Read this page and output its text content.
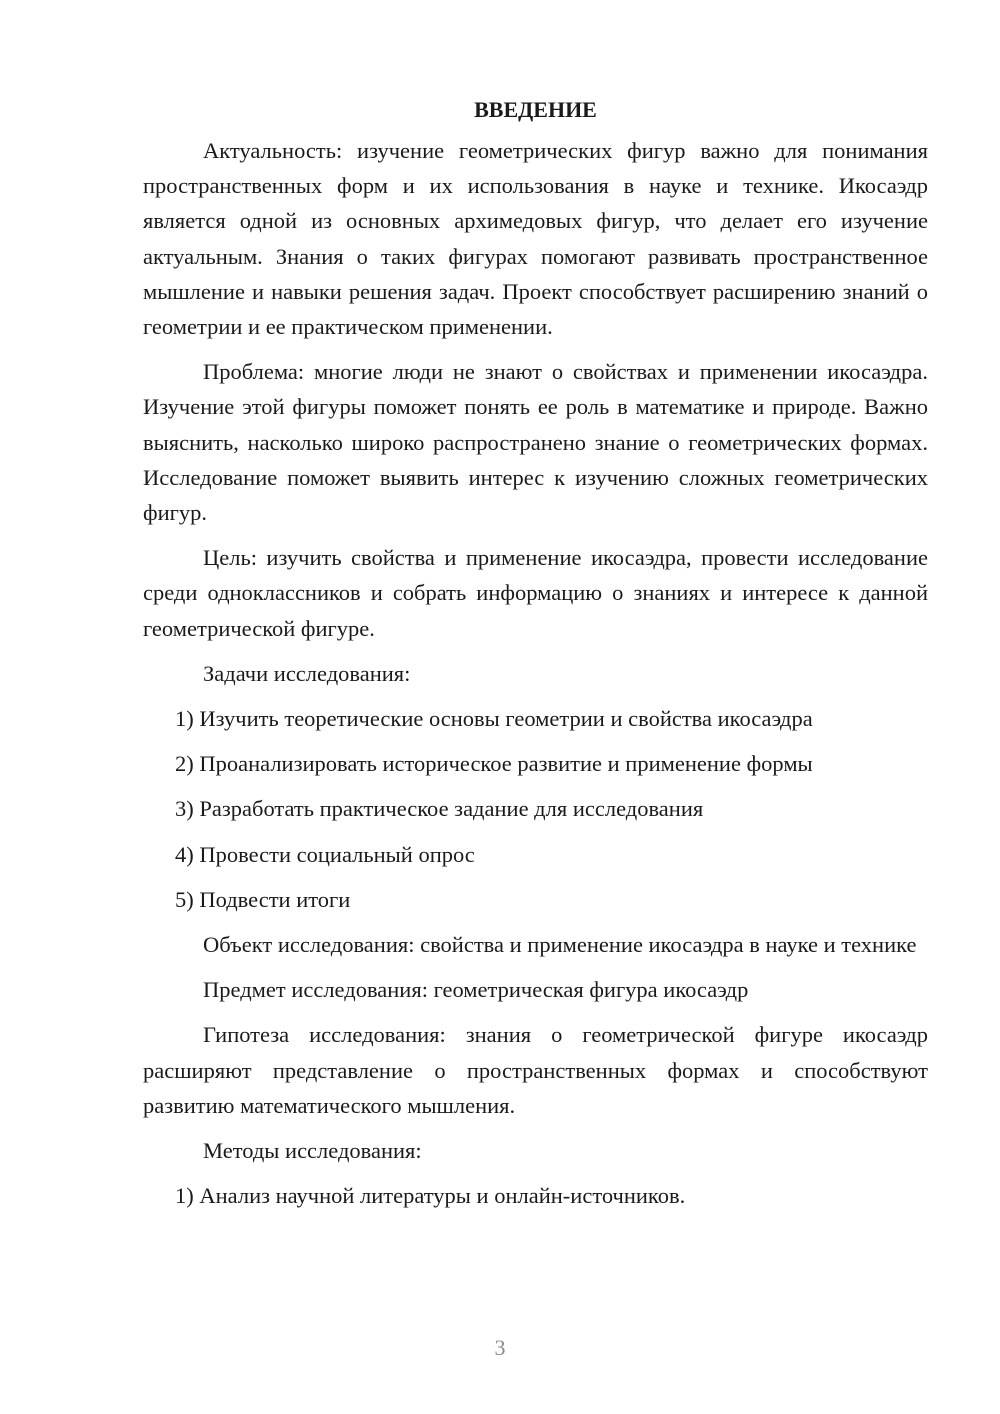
ВВЕДЕНИЕ

Актуальность: изучение геометрических фигур важно для понимания пространственных форм и их использования в науке и технике. Икосаэдр является одной из основных архимедовых фигур, что делает его изучение актуальным. Знания о таких фигурах помогают развивать пространственное мышление и навыки решения задач. Проект способствует расширению знаний о геометрии и ее практическом применении.

Проблема: многие люди не знают о свойствах и применении икосаэдра. Изучение этой фигуры поможет понять ее роль в математике и природе. Важно выяснить, насколько широко распространено знание о геометрических формах. Исследование поможет выявить интерес к изучению сложных геометрических фигур.

Цель: изучить свойства и применение икосаэдра, провести исследование среди одноклассников и собрать информацию о знаниях и интересе к данной геометрической фигуре.

Задачи исследования:

1) Изучить теоретические основы геометрии и свойства икосаэдра

2) Проанализировать историческое развитие и применение формы

3) Разработать практическое задание для исследования

4) Провести социальный опрос

5) Подвести итоги

Объект исследования: свойства и применение икосаэдра в науке и технике

Предмет исследования: геометрическая фигура икосаэдр

Гипотеза исследования: знания о геометрической фигуре икосаэдр расширяют представление о пространственных формах и способствуют развитию математического мышления.

Методы исследования:

1) Анализ научной литературы и онлайн-источников.

3
